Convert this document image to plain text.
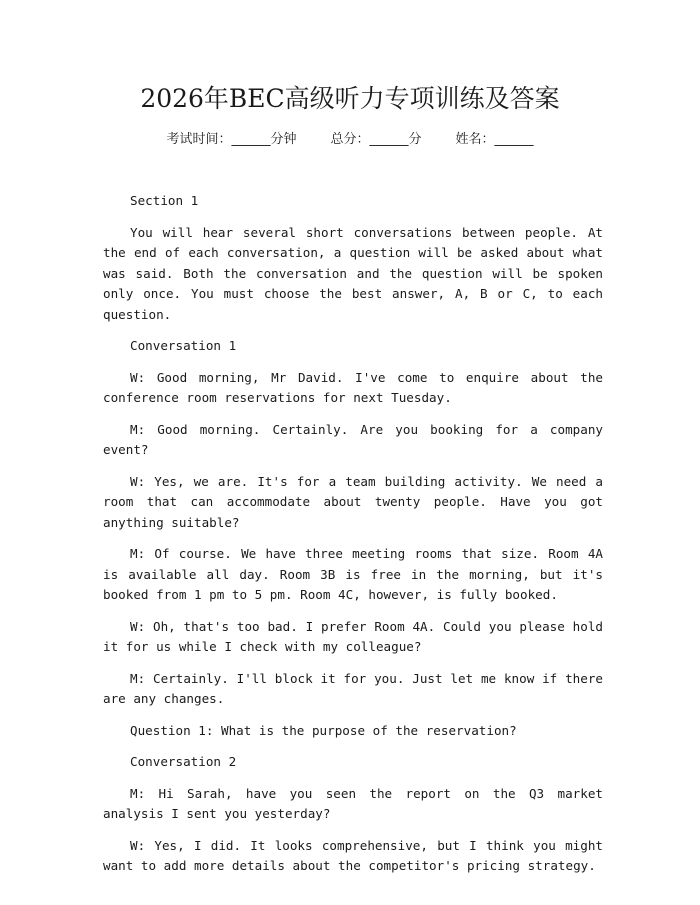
2026年BEC高级听力专项训练及答案
考试时间：______分钟	总分：______分	姓名：______

Section 1

You will hear several short conversations between people. At the end of each conversation, a question will be asked about what was said. Both the conversation and the question will be spoken only once. You must choose the best answer, A, B or C, to each question.

Conversation 1

W: Good morning, Mr David. I've come to enquire about the conference room reservations for next Tuesday.

M: Good morning. Certainly. Are you booking for a company event?

W: Yes, we are. It's for a team building activity. We need a room that can accommodate about twenty people. Have you got anything suitable?

M: Of course. We have three meeting rooms that size. Room 4A is available all day. Room 3B is free in the morning, but it's booked from 1 pm to 5 pm. Room 4C, however, is fully booked.

W: Oh, that's too bad. I prefer Room 4A. Could you please hold it for us while I check with my colleague?

M: Certainly. I'll block it for you. Just let me know if there are any changes.

Question 1: What is the purpose of the reservation?

Conversation 2

M: Hi Sarah, have you seen the report on the Q3 market analysis I sent you yesterday?

W: Yes, I did. It looks comprehensive, but I think you might want to add more details about the competitor's pricing strategy.
